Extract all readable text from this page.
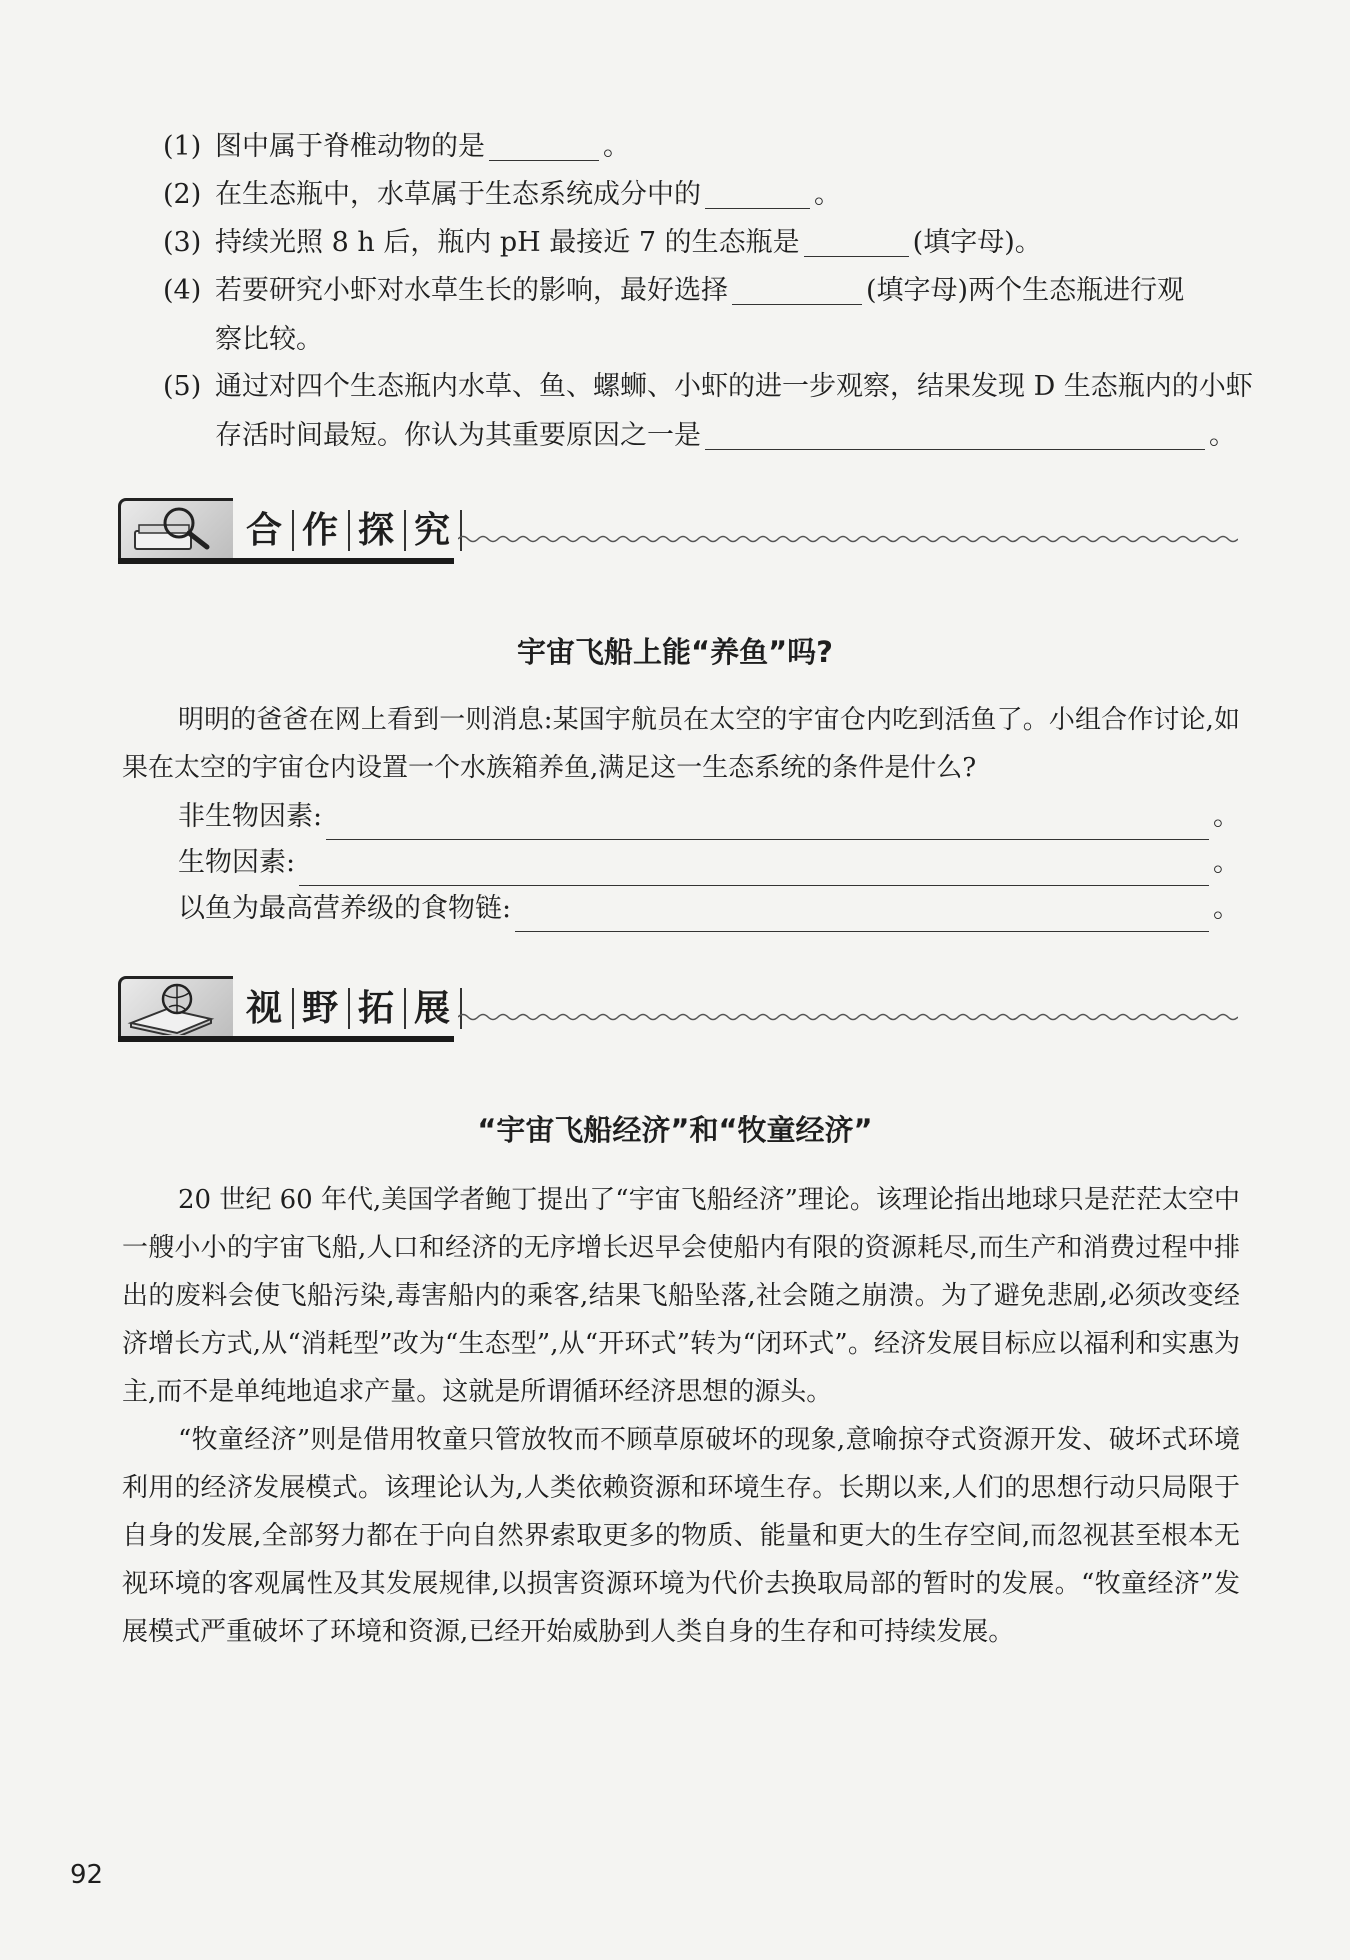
(1) 图中属于脊椎动物的是	。
(2) 在生态瓶中，水草属于生态系统成分中的	。
(3) 持续光照 8 h 后，瓶内 pH 最接近 7 的生态瓶是	(填字母)。
(4) 若要研究小虾对水草生长的影响，最好选择	(填字母)两个生态瓶进行观
察比较。
(5) 通过对四个生态瓶内水草、鱼、螺蛳、小虾的进一步观察，结果发现 D 生态瓶内的小虾
存活时间最短。你认为其重要原因之一是	。
合 作 探 究
宇宙飞船上能“养鱼”吗?

明明的爸爸在网上看到一则消息:某国宇航员在太空的宇宙仓内吃到活鱼了。小组合作讨论,如果在太空的宇宙仓内设置一个水族箱养鱼,满足这一生态系统的条件是什么?

非生物因素:	。
生物因素:	。
以鱼为最高营养级的食物链:	。
视 野 拓 展
“宇宙飞船经济”和“牧童经济”

20 世纪 60 年代,美国学者鲍丁提出了“宇宙飞船经济”理论。该理论指出地球只是茫茫太空中一艘小小的宇宙飞船,人口和经济的无序增长迟早会使船内有限的资源耗尽,而生产和消费过程中排出的废料会使飞船污染,毒害船内的乘客,结果飞船坠落,社会随之崩溃。为了避免悲剧,必须改变经济增长方式,从“消耗型”改为“生态型”,从“开环式”转为“闭环式”。经济发展目标应以福利和实惠为主,而不是单纯地追求产量。这就是所谓循环经济思想的源头。

“牧童经济”则是借用牧童只管放牧而不顾草原破坏的现象,意喻掠夺式资源开发、破坏式环境利用的经济发展模式。该理论认为,人类依赖资源和环境生存。长期以来,人们的思想行动只局限于自身的发展,全部努力都在于向自然界索取更多的物质、能量和更大的生存空间,而忽视甚至根本无视环境的客观属性及其发展规律,以损害资源环境为代价去换取局部的暂时的发展。“牧童经济”发展模式严重破坏了环境和资源,已经开始威胁到人类自身的生存和可持续发展。

92
